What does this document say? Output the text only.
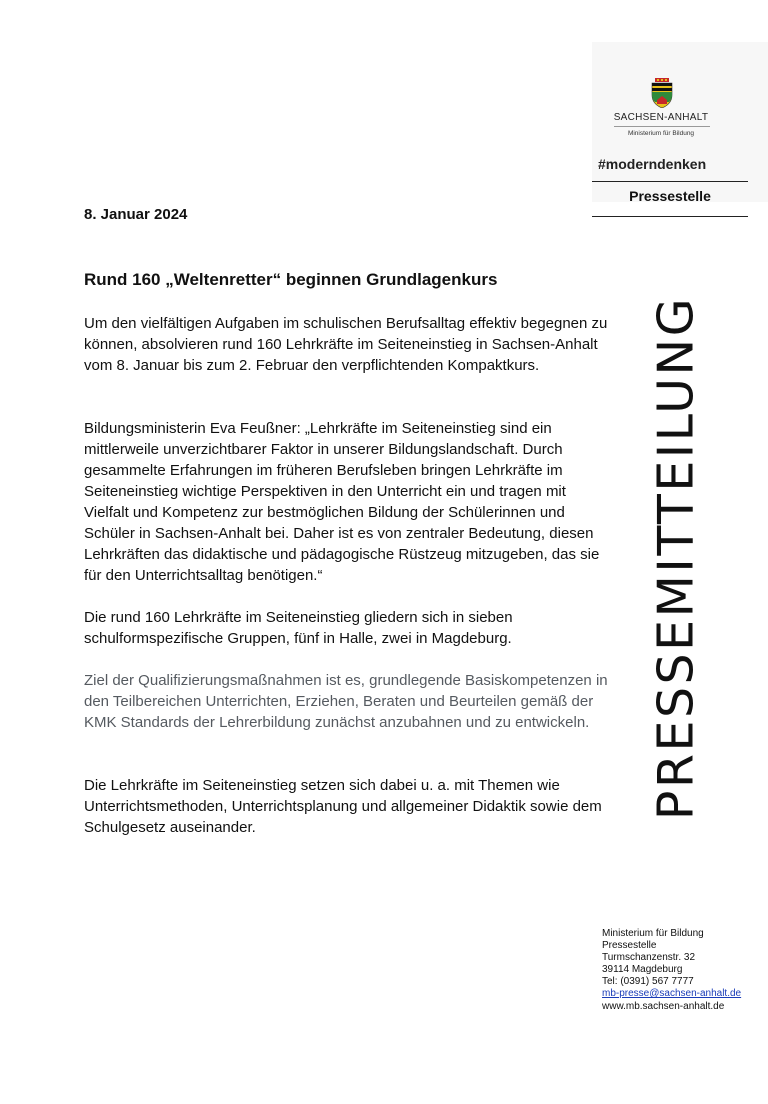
SACHSEN-ANHALT
Ministerium für Bildung
#moderndenken
Pressestelle
PRESSEMITTEILUNG
8. Januar 2024
Rund 160 „Weltenretter“ beginnen Grundlagenkurs

Um den vielfältigen Aufgaben im schulischen Berufsalltag effektiv begegnen zu können, absolvieren rund 160 Lehrkräfte im Seiteneinstieg in Sachsen-Anhalt vom 8. Januar bis zum 2. Februar den verpflichtenden Kompaktkurs.

Bildungsministerin Eva Feußner: „Lehrkräfte im Seiteneinstieg sind ein mittlerweile unverzichtbarer Faktor in unserer Bildungslandschaft. Durch gesammelte Erfahrungen im früheren Berufsleben bringen Lehrkräfte im Seiteneinstieg wichtige Perspektiven in den Unterricht ein und tragen mit Vielfalt und Kompetenz zur bestmöglichen Bildung der Schülerinnen und Schüler in Sachsen-Anhalt bei. Daher ist es von zentraler Bedeutung, diesen Lehrkräften das didaktische und pädagogische Rüstzeug mitzugeben, das sie für den Unterrichtsalltag benötigen.“

Die rund 160 Lehrkräfte im Seiteneinstieg gliedern sich in sieben schulformspezifische Gruppen, fünf in Halle, zwei in Magdeburg.

Ziel der Qualifizierungsmaßnahmen ist es, grundlegende Basiskompetenzen in den Teilbereichen Unterrichten, Erziehen, Beraten und Beurteilen gemäß der KMK Standards der Lehrerbildung zunächst anzubahnen und zu entwickeln.

Die Lehrkräfte im Seiteneinstieg setzen sich dabei u. a. mit Themen wie Unterrichtsmethoden, Unterrichtsplanung und allgemeiner Didaktik sowie dem Schulgesetz auseinander.

Ministerium für Bildung
Pressestelle
Turmschanzenstr. 32
39114 Magdeburg
Tel: (0391) 567 7777
mb-presse@sachsen-anhalt.de
www.mb.sachsen-anhalt.de
